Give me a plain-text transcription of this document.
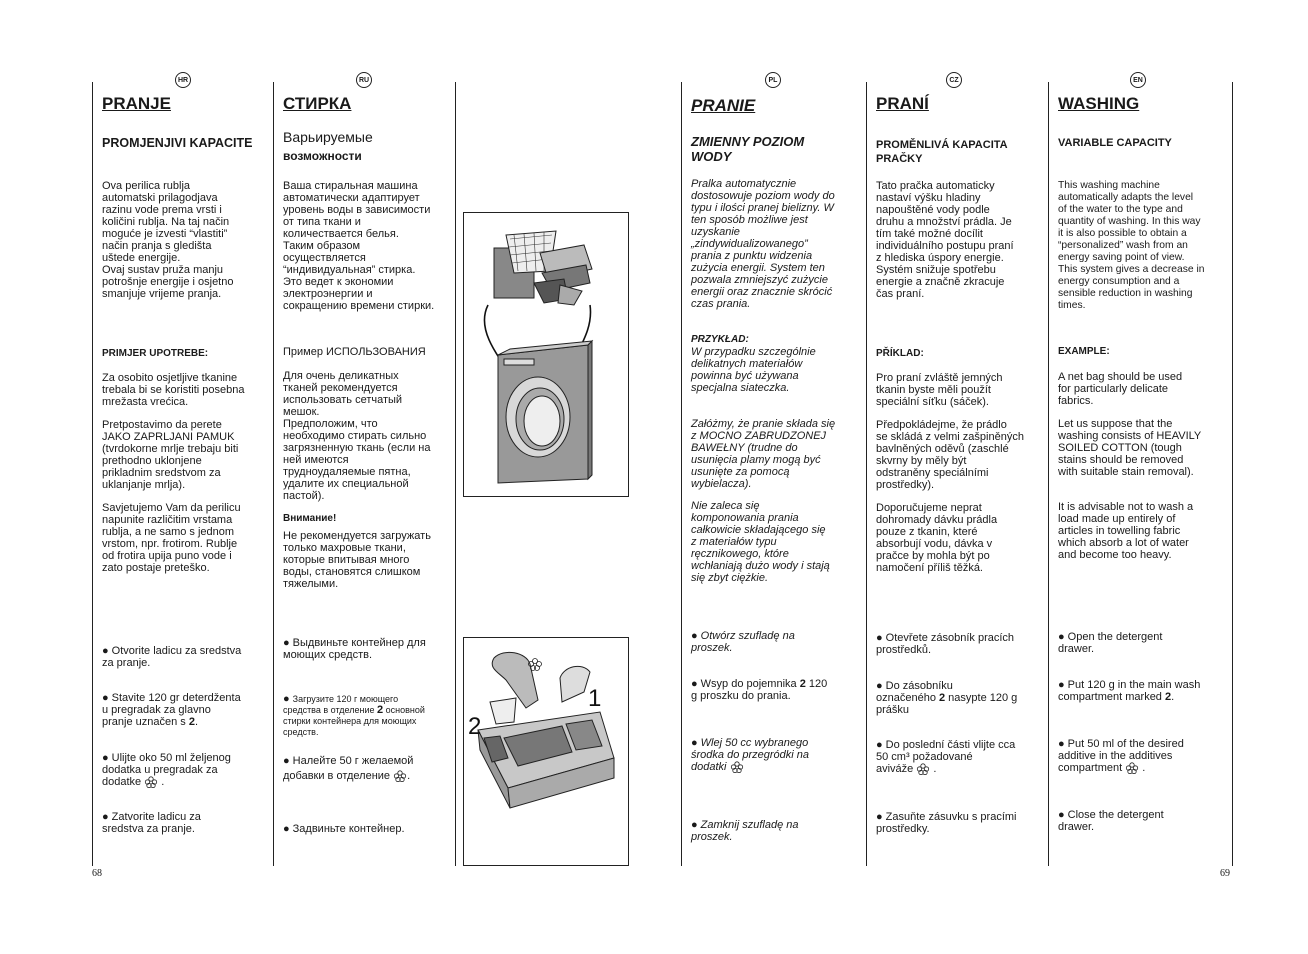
HR	RU	PL	CZ	EN
PRANJE
PROMJENJIVI KAPACITE
Ova perilica rublja
automatski prilagodjava
razinu vode prema vrsti i
količini rublja. Na taj način
moguće je izvesti “vlastiti”
način pranja s gledišta
uštede energije.
Ovaj sustav pruža manju
potrošnje energije i osjetno
smanjuje vrijeme pranja.
PRIMJER UPOTREBE:
Za osobito osjetljive tkanine
trebala bi se koristiti posebna
mrežasta vrećica.
Pretpostavimo da perete
JAKO ZAPRLJANI PAMUK
(tvrdokorne mrlje trebaju biti
prethodno uklonjene
prikladnim sredstvom za
uklanjanje mrlja).
Savjetujemo Vam da perilicu
napunite različitim vrstama
rublja, a ne samo s jednom
vrstom, npr. frotirom. Rublje
od frotira upija puno vode i
zato postaje preteško.
● Otvorite ladicu za sredstva
za pranje.
● Stavite 120 gr deterdženta
u pregradak za glavno
pranje uznačen s 2.
● Ulijte oko 50 ml željenog
dodatka u pregradak za
dodatke  .
● Zatvorite ladicu za
sredstva za pranje.
СТИРКА
Варьируемые
возможности
Ваша стиральная машина
автоматически адаптирует
уровень воды в зависимости
от типа ткани и
количествается белья.
Таким образом
осуществляется
“индивидуальная” стирка.
Это ведет к экономии
электроэнергии и
сокращению времени стирки.
Пример ИСПОЛЬЗОВАНИЯ
Для очень деликатных
тканей рекомендуется
использовать сетчатый
мешок.
Предположим, что
необходимо стирать сильно
загрязненную ткань (если на
ней имеются
трудноудаляемые пятна,
удалите их специальной
пастой).
Внимание!
Не рекомендуется загружать
только махровые ткани,
которые впитывая много
воды, становятся слишком
тяжелыми.
● Выдвиньте контейнер для
моющих средств.
● Загрузите 120 г моющего
средства в отделение 2 основной
стирки контейнера для моющих
средств.
● Налейте 50 г желаемой
добавки в отделение .
● Задвиньте контейнер.
1
2
PRANIE
ZMIENNY POZIOM
WODY
Pralka automatycznie
dostosowuje poziom wody do
typu i ilości pranej bielizny. W
ten sposób możliwe jest
uzyskanie
„zindywidualizowanego”
prania z punktu widzenia
zużycia energii. System ten
pozwala zmniejszyć zużycie
energii oraz znacznie skrócić
czas prania.
PRZYKŁAD:
W przypadku szczególnie
delikatnych materiałów
powinna być używana
specjalna siateczka.
Załóżmy, że pranie składa się
z MOCNO ZABRUDZONEJ
BAWEŁNY (trudne do
usunięcia plamy mogą być
usunięte za pomocą
wybielacza).
Nie zaleca się
komponowania prania
całkowicie składającego się
z materiałów typu
ręcznikowego, które
wchłaniają dużo wody i stają
się zbyt ciężkie.
● Otwórz szufladę na
proszek.
● Wsyp do pojemnika 2 120
g proszku do prania.
● Wlej 50 cc wybranego
środka do przegródki na
dodatki
● Zamknij szufladę na
proszek.
PRANÍ
PROMĚNLIVÁ KAPACITA
PRAČKY
Tato pračka automaticky
nastaví výšku hladiny
napouštěné vody podle
druhu a množství prádla. Je
tím také možné docílit
individuálního postupu praní
z hlediska úspory energie.
Systém snižuje spotřebu
energie a značně zkracuje
čas praní.
PŘÍKLAD:
Pro praní zvláště jemných
tkanin byste měli použít
speciální síťku (sáček).
Předpokládejme, že prádlo
se skládá z velmi zašpiněných
bavlněných oděvů (zaschlé
skvrny by měly být
odstraněny speciálními
prostředky).
Doporučujeme neprat
dohromady dávku prádla
pouze z tkanin, které
absorbují vodu, dávka v
pračce by mohla být po
namočení příliš těžká.
● Otevřete zásobník pracích
prostředků.
● Do zásobníku
označeného 2 nasypte 120 g
prášku
● Do poslední části vlijte cca
50 cm³ požadované
aviváže  .
● Zasuňte zásuvku s pracími
prostředky.
WASHING
VARIABLE CAPACITY
This washing machine
automatically adapts the level
of the water to the type and
quantity of washing. In this way
it is also possible to obtain a
“personalized” wash from an
energy saving point of view.
This system gives a decrease in
energy consumption and a
sensible reduction in washing
times.
EXAMPLE:
A net bag should be used
for particularly delicate
fabrics.
Let us suppose that the
washing consists of HEAVILY
SOILED COTTON (tough
stains should be removed
with suitable stain removal).
It is advisable not to wash a
load made up entirely of
articles in towelling fabric
which absorb a lot of water
and become too heavy.
● Open the detergent
drawer.
● Put 120 g in the main wash
compartment marked 2.
● Put 50 ml of the desired
additive in the additives
compartment  .
● Close the detergent
drawer.
68	69
